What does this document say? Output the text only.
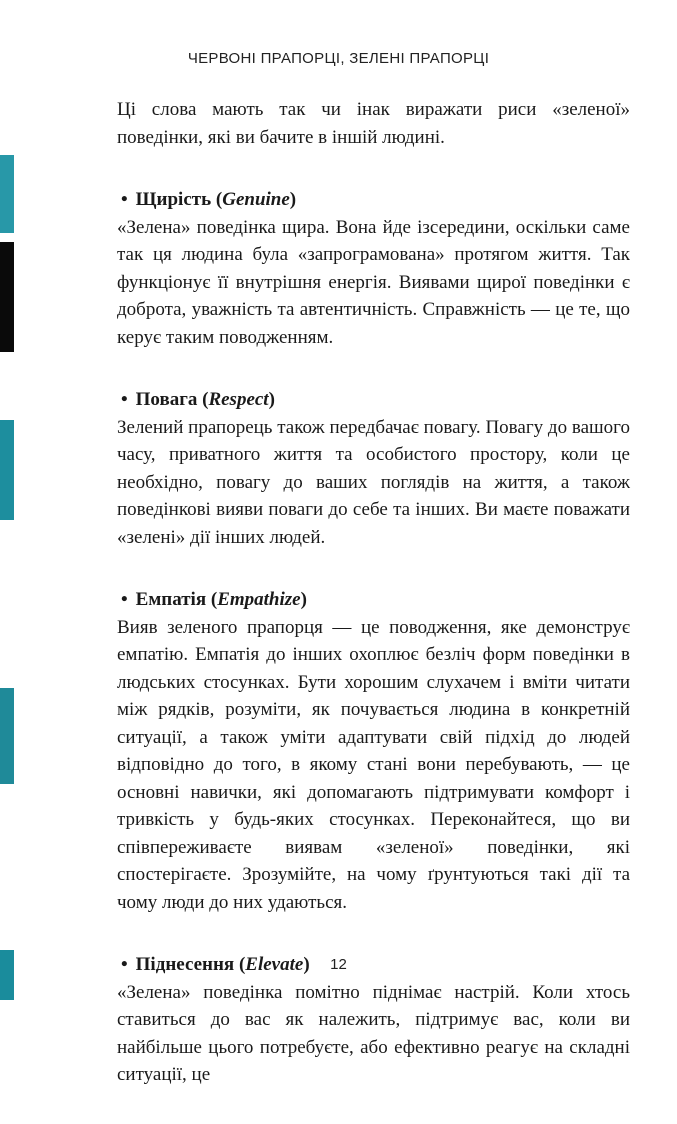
ЧЕРВОНІ ПРАПОРЦІ, ЗЕЛЕНІ ПРАПОРЦІ

Ці слова мають так чи інак виражати риси «зеленої» поведінки, які ви бачите в іншій людині.

• Щирість (Genuine)

«Зелена» поведінка щира. Вона йде ізсередини, оскільки саме так ця людина була «запрограмована» протягом життя. Так функціонує її внутрішня енергія. Виявами щирої поведінки є доброта, уважність та автентичність. Справжність — це те, що керує таким поводженням.

• Повага (Respect)

Зелений прапорець також передбачає повагу. Повагу до вашого часу, приватного життя та особистого простору, коли це необхідно, повагу до ваших поглядів на життя, а також поведінкові вияви поваги до себе та інших. Ви маєте поважати «зелені» дії інших людей.

• Емпатія (Empathize)

Вияв зеленого прапорця — це поводження, яке демонструє емпатію. Емпатія до інших охоплює безліч форм поведінки в людських стосунках. Бути хорошим слухачем і вміти читати між рядків, розуміти, як почувається людина в конкретній ситуації, а також уміти адаптувати свій підхід до людей відповідно до того, в якому стані вони перебувають, — це основні навички, які допомагають підтримувати комфорт і тривкість у будь-яких стосунках. Переконайтеся, що ви співпереживаєте виявам «зеленої» поведінки, які спостерігаєте. Зрозумійте, на чому ґрунтуються такі дії та чому люди до них удаються.

• Піднесення (Elevate)

«Зелена» поведінка помітно піднімає настрій. Коли хтось ставиться до вас як належить, підтримує вас, коли ви найбільше цього потребуєте, або ефективно реагує на складні ситуації, це

12
